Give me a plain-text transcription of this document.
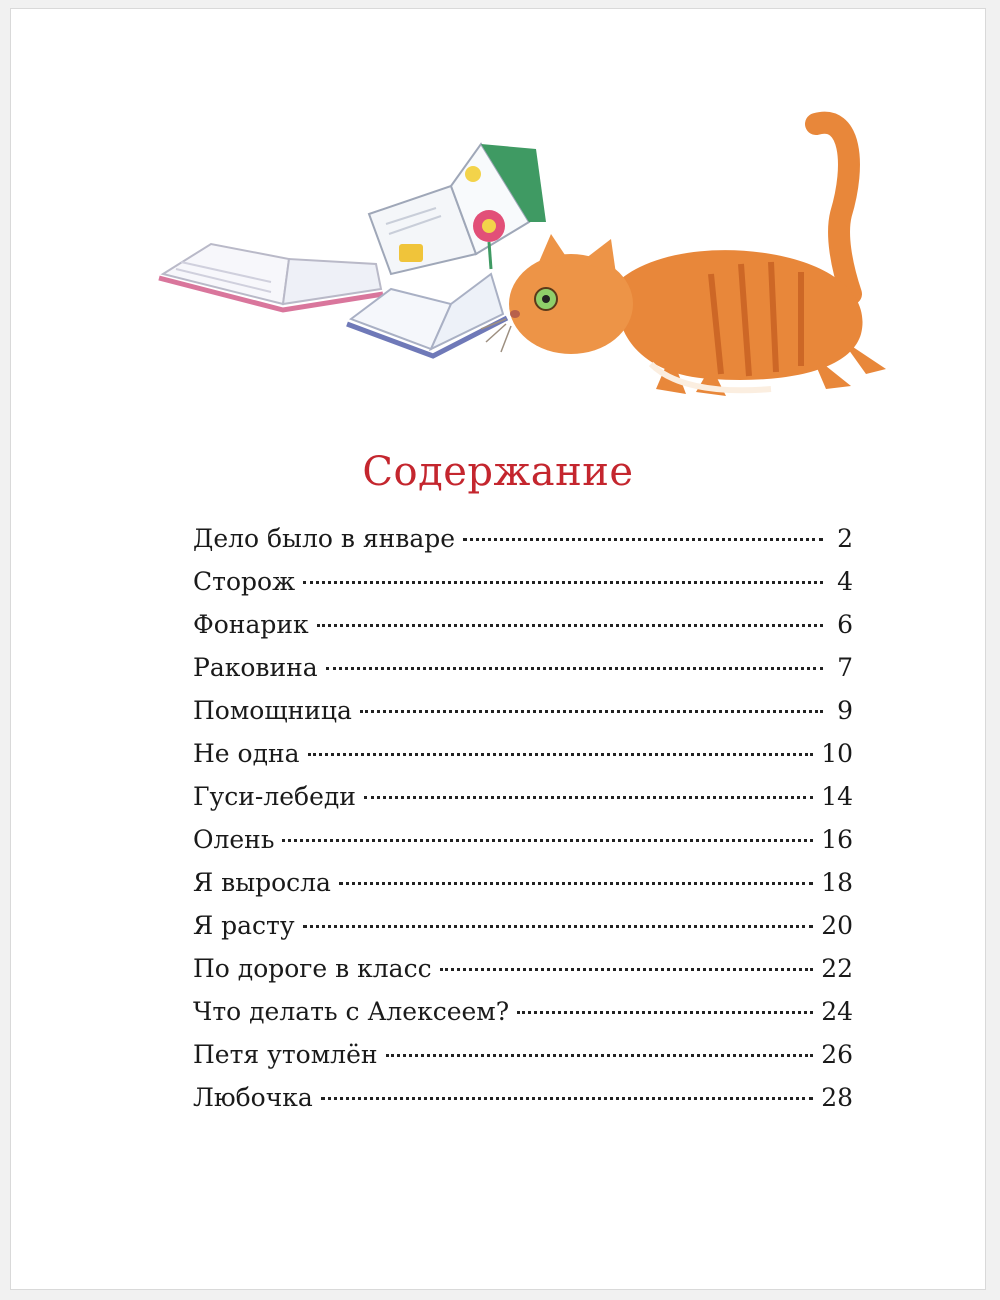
Содержание
Дело было в январе	2
Сторож	4
Фонарик	6
Раковина	7
Помощница	9
Не одна	10
Гуси-лебеди	14
Олень	16
Я выросла	18
Я расту	20
По дороге в класс	22
Что делать с Алексеем?	24
Петя утомлён	26
Любочка	28
